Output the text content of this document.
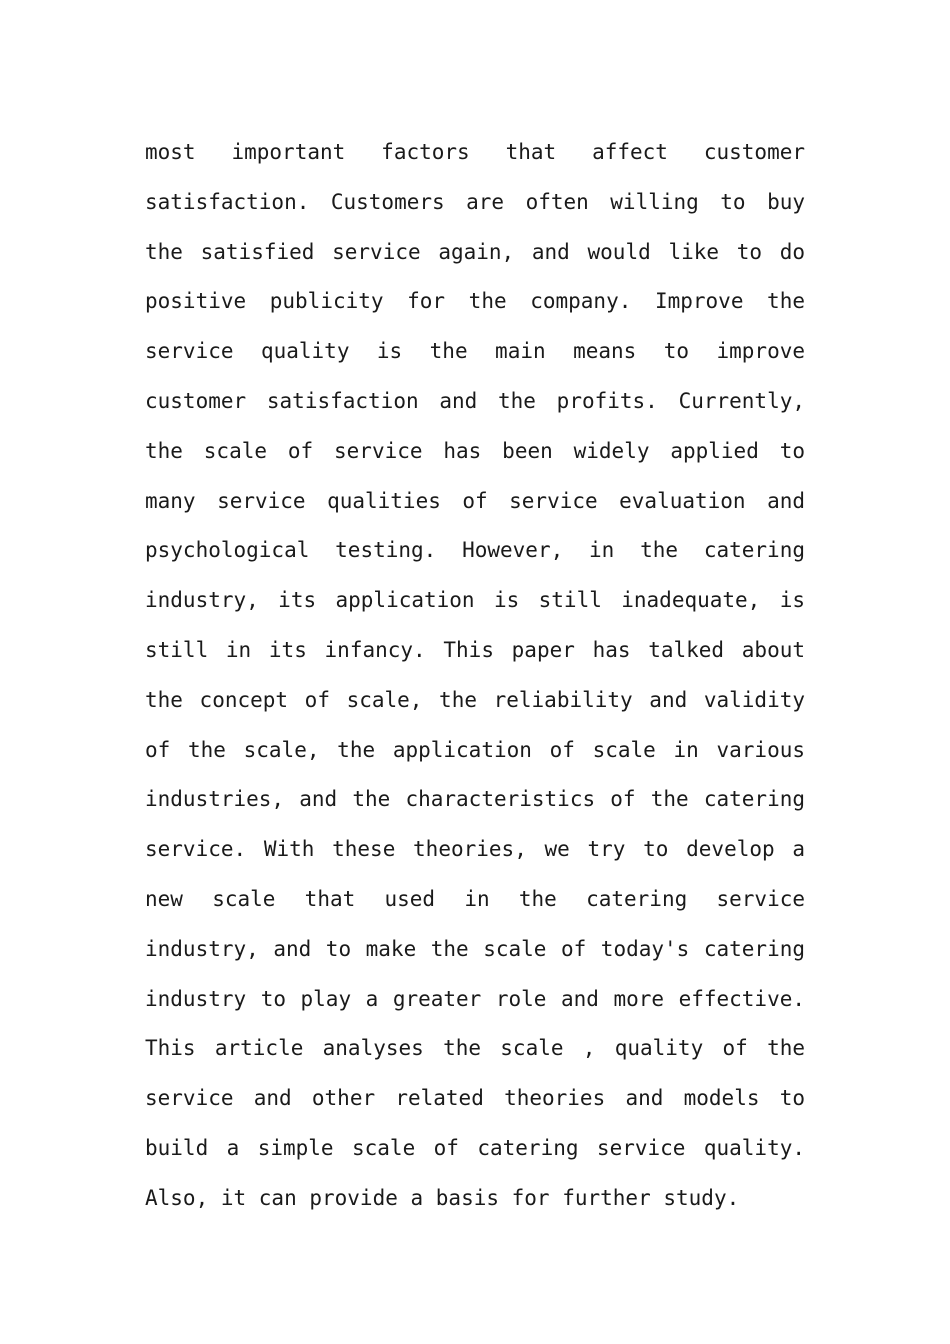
most important factors that affect customer
satisfaction. Customers are often willing to buy
the satisfied service again, and would like to do
positive publicity for the company. Improve the
service quality is the main means to improve
customer satisfaction and the profits. Currently,
the scale of service has been widely applied to
many service qualities of service evaluation and
psychological testing. However, in the catering
industry, its application is still inadequate, is
still in its infancy. This paper has talked about
the concept of scale, the reliability and validity
of the scale, the application of scale in various
industries, and the characteristics of the catering
service. With these theories, we try to develop a
new scale that used in the catering service
industry, and to make the scale of today's catering
industry to play a greater role and more effective.
This article analyses the scale , quality of the
service and other related theories and models to
build a simple scale of catering service quality.
Also, it can provide a basis for further study.
